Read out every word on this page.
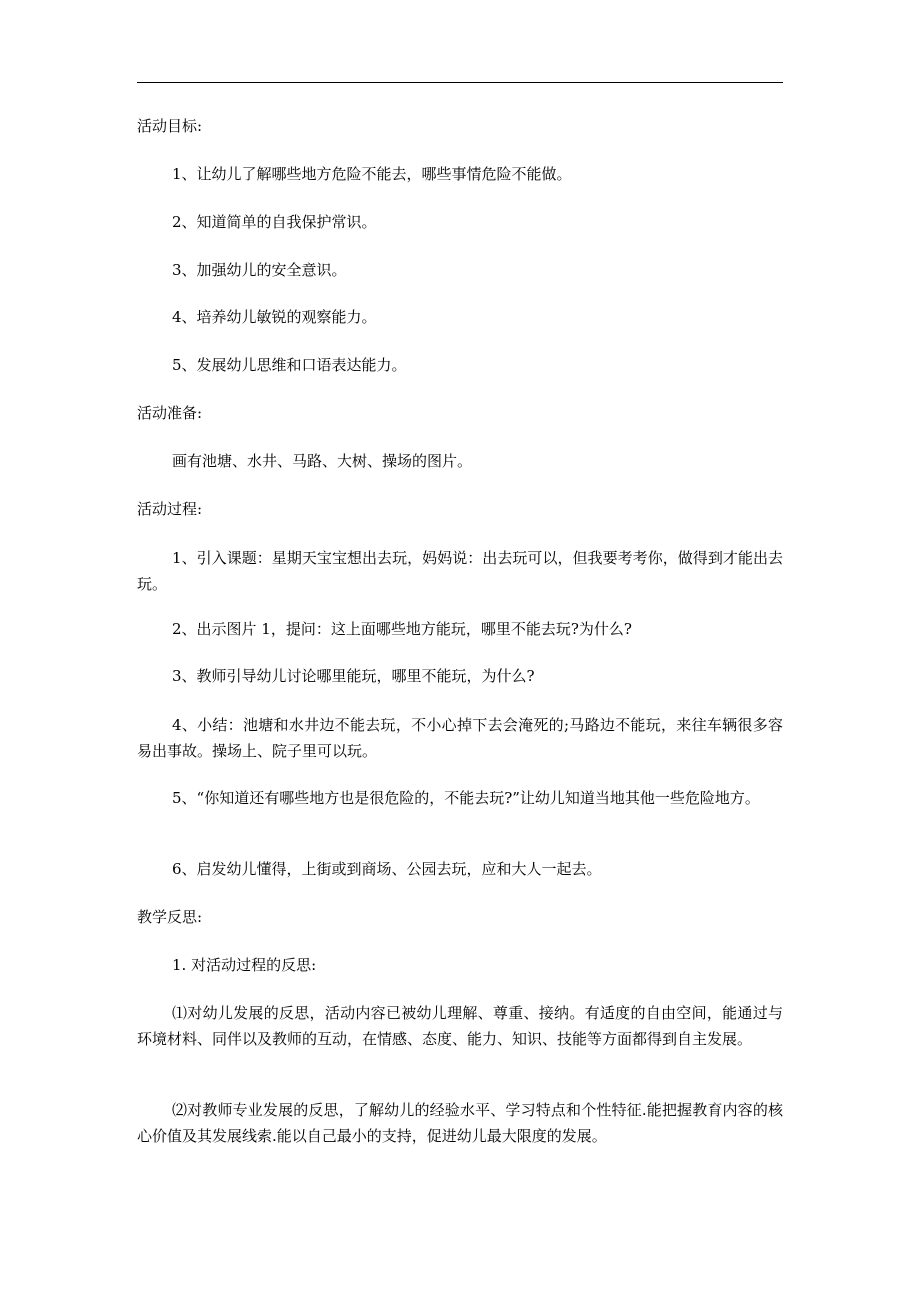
活动目标:
1、让幼儿了解哪些地方危险不能去，哪些事情危险不能做。
2、知道简单的自我保护常识。
3、加强幼儿的安全意识。
4、培养幼儿敏锐的观察能力。
5、发展幼儿思维和口语表达能力。
活动准备:
画有池塘、水井、马路、大树、操场的图片。
活动过程:
1、引入课题：星期天宝宝想出去玩，妈妈说：出去玩可以，但我要考考你，做得到才能出去玩。
2、出示图片 1，提问：这上面哪些地方能玩，哪里不能去玩?为什么?
3、教师引导幼儿讨论哪里能玩，哪里不能玩，为什么?
4、小结：池塘和水井边不能去玩，不小心掉下去会淹死的;马路边不能玩，来往车辆很多容易出事故。操场上、院子里可以玩。
5、“你知道还有哪些地方也是很危险的，不能去玩?”让幼儿知道当地其他一些危险地方。
6、启发幼儿懂得，上街或到商场、公园去玩，应和大人一起去。
教学反思:
1. 对活动过程的反思:
⑴对幼儿发展的反思，活动内容已被幼儿理解、尊重、接纳。有适度的自由空间，能通过与环境材料、同伴以及教师的互动，在情感、态度、能力、知识、技能等方面都得到自主发展。
⑵对教师专业发展的反思，了解幼儿的经验水平、学习特点和个性特征.能把握教育内容的核心价值及其发展线索.能以自己最小的支持，促进幼儿最大限度的发展。
